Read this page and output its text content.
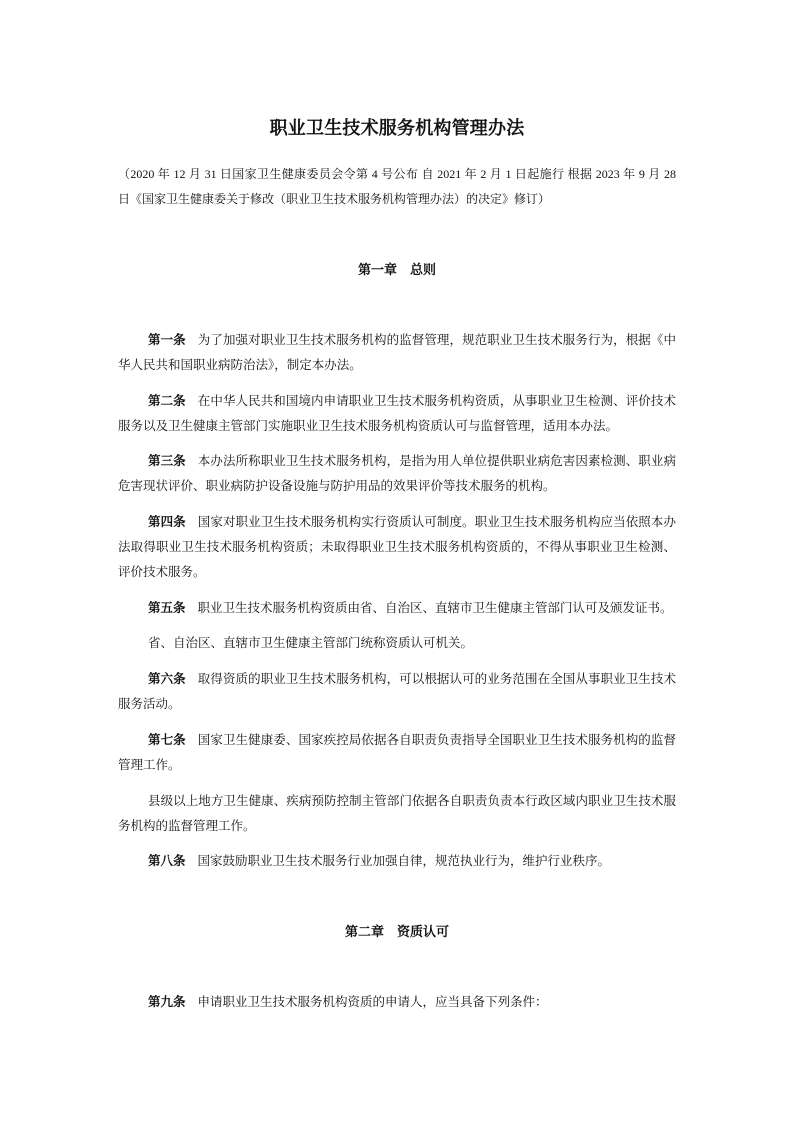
职业卫生技术服务机构管理办法
（2020 年 12 月 31 日国家卫生健康委员会令第 4 号公布 自 2021 年 2 月 1 日起施行 根据 2023 年 9 月 28
日《国家卫生健康委关于修改（职业卫生技术服务机构管理办法）的决定》修订）
第一章　总则
第一条 为了加强对职业卫生技术服务机构的监督管理，规范职业卫生技术服务行为，根据《中
华人民共和国职业病防治法》，制定本办法。
第二条 在中华人民共和国境内申请职业卫生技术服务机构资质，从事职业卫生检测、评价技术
服务以及卫生健康主管部门实施职业卫生技术服务机构资质认可与监督管理，适用本办法。
第三条 本办法所称职业卫生技术服务机构，是指为用人单位提供职业病危害因素检测、职业病
危害现状评价、职业病防护设备设施与防护用品的效果评价等技术服务的机构。
第四条 国家对职业卫生技术服务机构实行资质认可制度。职业卫生技术服务机构应当依照本办
法取得职业卫生技术服务机构资质；未取得职业卫生技术服务机构资质的，不得从事职业卫生检测、
评价技术服务。
第五条 职业卫生技术服务机构资质由省、自治区、直辖市卫生健康主管部门认可及颁发证书。
省、自治区、直辖市卫生健康主管部门统称资质认可机关。
第六条 取得资质的职业卫生技术服务机构，可以根据认可的业务范围在全国从事职业卫生技术
服务活动。
第七条 国家卫生健康委、国家疾控局依据各自职责负责指导全国职业卫生技术服务机构的监督
管理工作。
县级以上地方卫生健康、疾病预防控制主管部门依据各自职责负责本行政区域内职业卫生技术服
务机构的监督管理工作。
第八条 国家鼓励职业卫生技术服务行业加强自律，规范执业行为，维护行业秩序。
第二章　资质认可
第九条 申请职业卫生技术服务机构资质的申请人，应当具备下列条件：
